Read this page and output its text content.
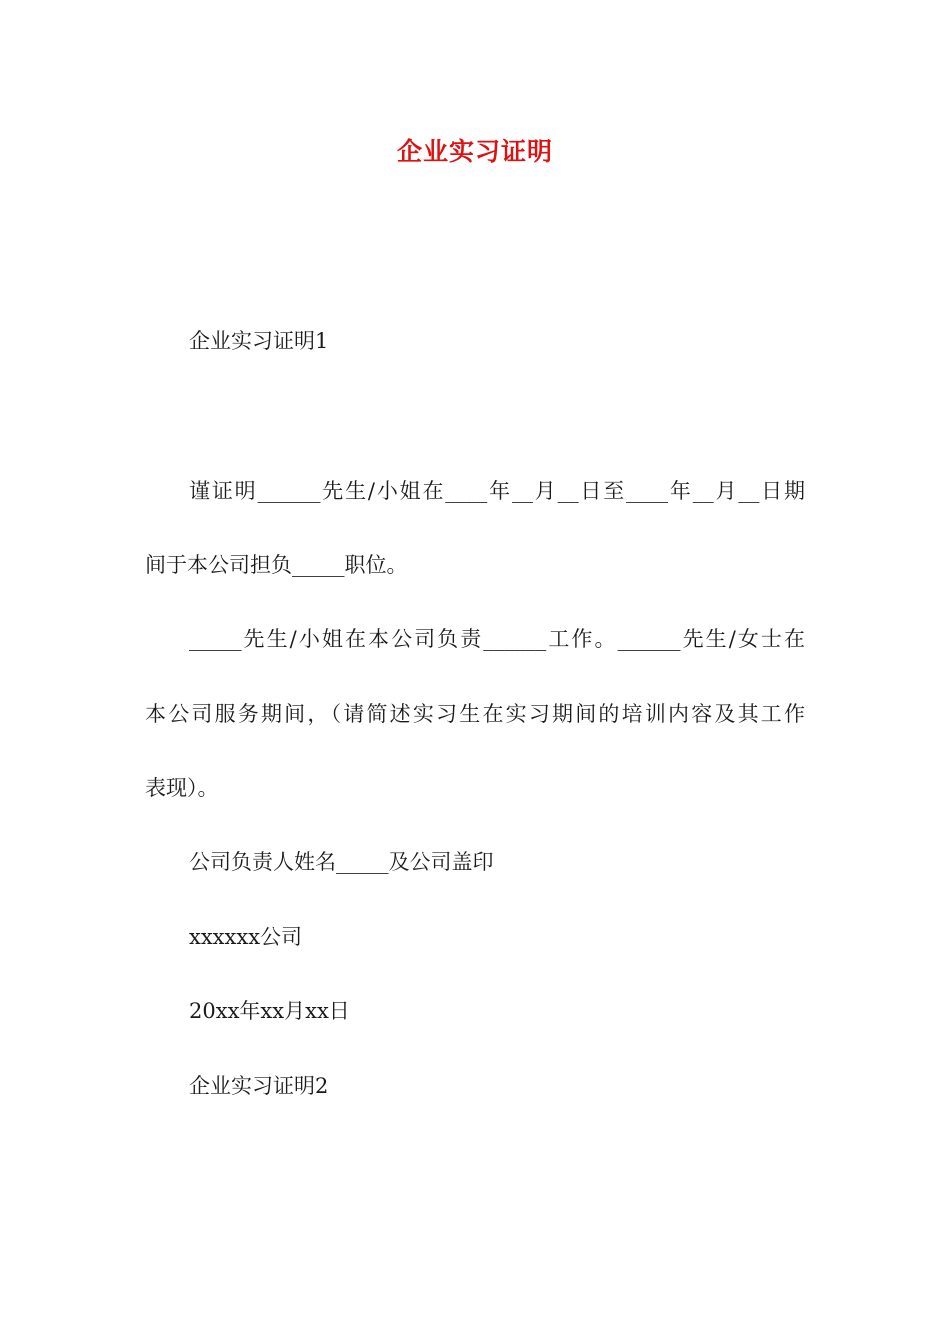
企业实习证明

企业实习证明1

谨证明______先生/小姐在____年__月__日至____年__月__日期

间于本公司担负_____职位。

_____先生/小姐在本公司负责______工作。______先生/女士在

本公司服务期间，（请简述实习生在实习期间的培训内容及其工作

表现）。

公司负责人姓名_____及公司盖印

xxxxxx公司

20xx年xx月xx日

企业实习证明2
